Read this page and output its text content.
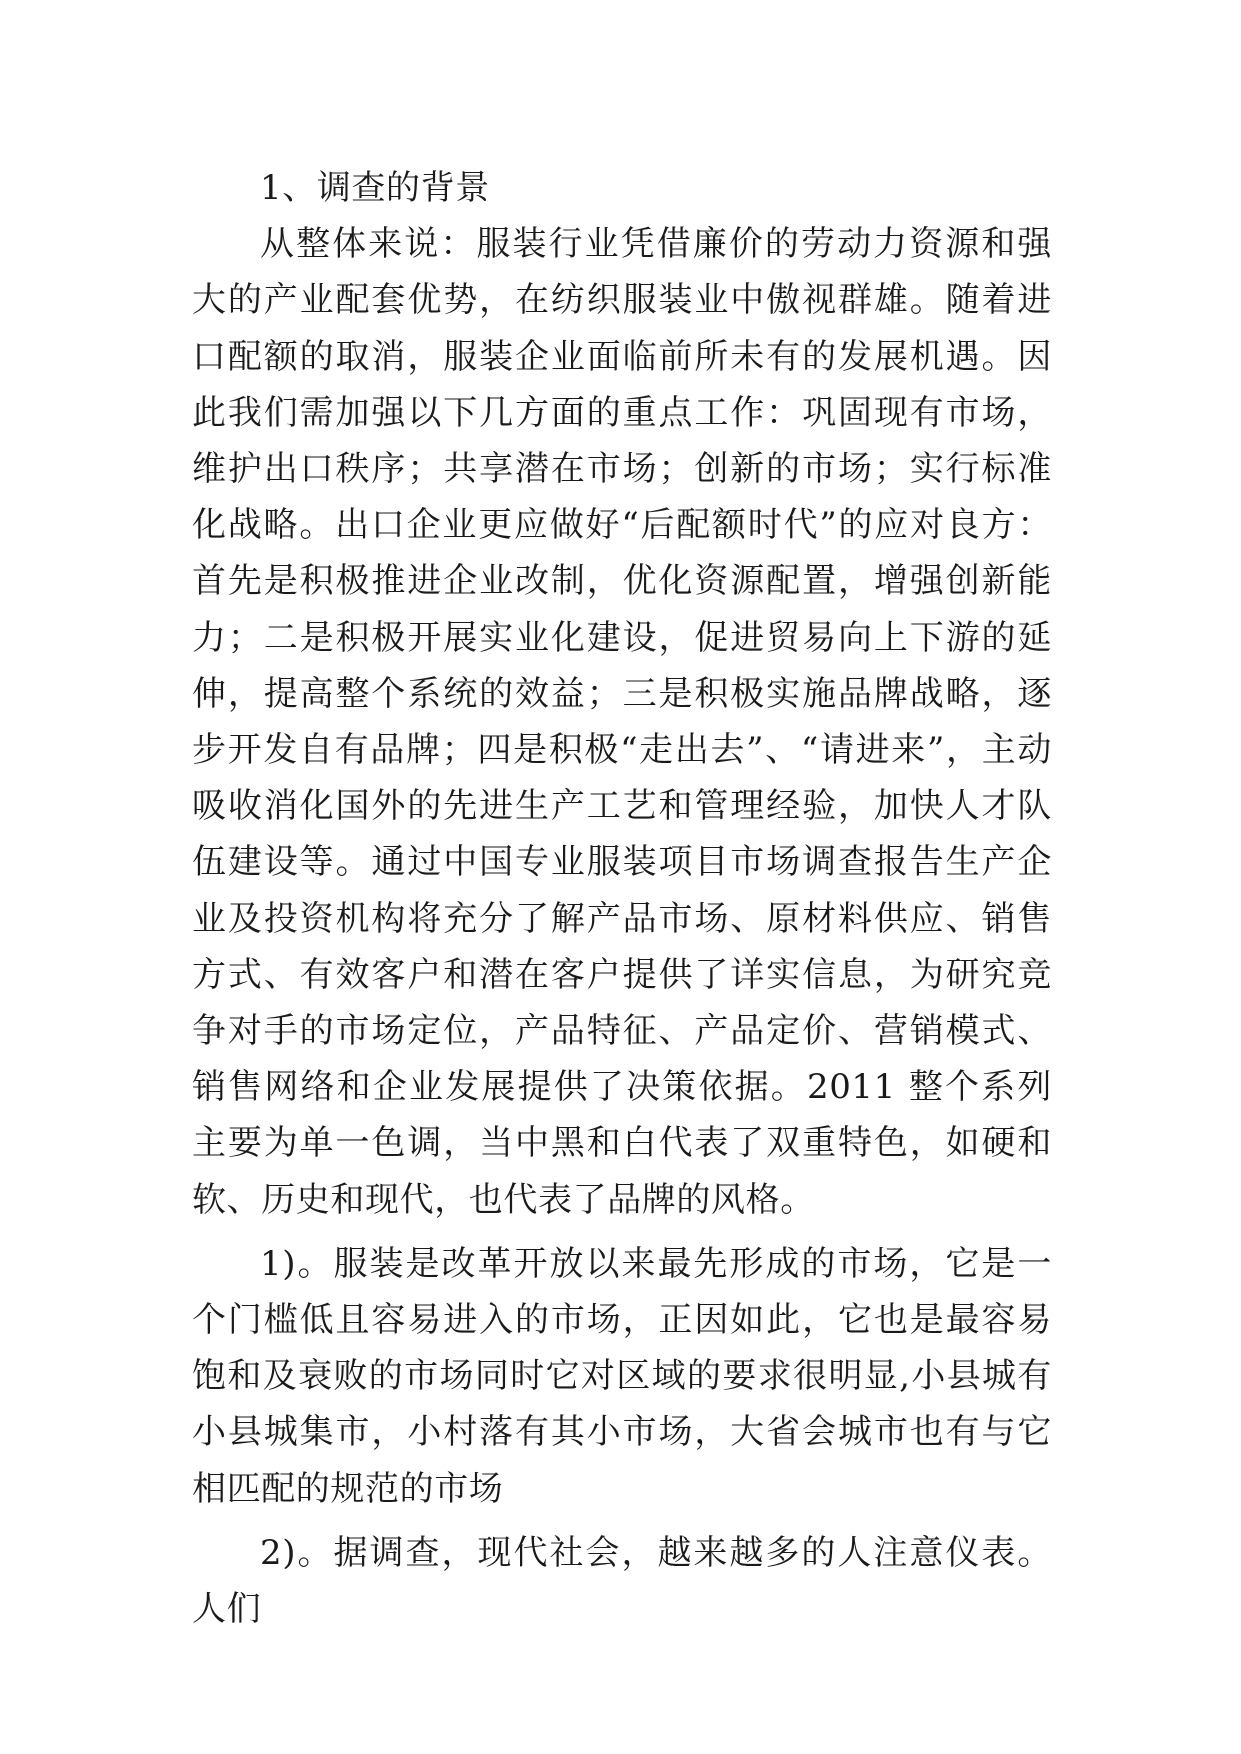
1、调查的背景

从整体来说：服装行业凭借廉价的劳动力资源和强大的产业配套优势，在纺织服装业中傲视群雄。随着进口配额的取消，服装企业面临前所未有的发展机遇。因此我们需加强以下几方面的重点工作：巩固现有市场，维护出口秩序；共享潜在市场；创新的市场；实行标准化战略。出口企业更应做好“后配额时代”的应对良方：首先是积极推进企业改制，优化资源配置，增强创新能力；二是积极开展实业化建设，促进贸易向上下游的延伸，提高整个系统的效益；三是积极实施品牌战略，逐步开发自有品牌；四是积极“走出去”、“请进来”，主动吸收消化国外的先进生产工艺和管理经验，加快人才队伍建设等。通过中国专业服装项目市场调查报告生产企业及投资机构将充分了解产品市场、原材料供应、销售方式、有效客户和潜在客户提供了详实信息，为研究竞争对手的市场定位，产品特征、产品定价、营销模式、销售网络和企业发展提供了决策依据。2011 整个系列主要为单一色调，当中黑和白代表了双重特色，如硬和软、历史和现代，也代表了品牌的风格。

1)。服装是改革开放以来最先形成的市场，它是一个门槛低且容易进入的市场，正因如此，它也是最容易饱和及衰败的市场同时它对区域的要求很明显,小县城有小县城集市，小村落有其小市场，大省会城市也有与它相匹配的规范的市场

2)。据调查，现代社会，越来越多的人注意仪表。人们
